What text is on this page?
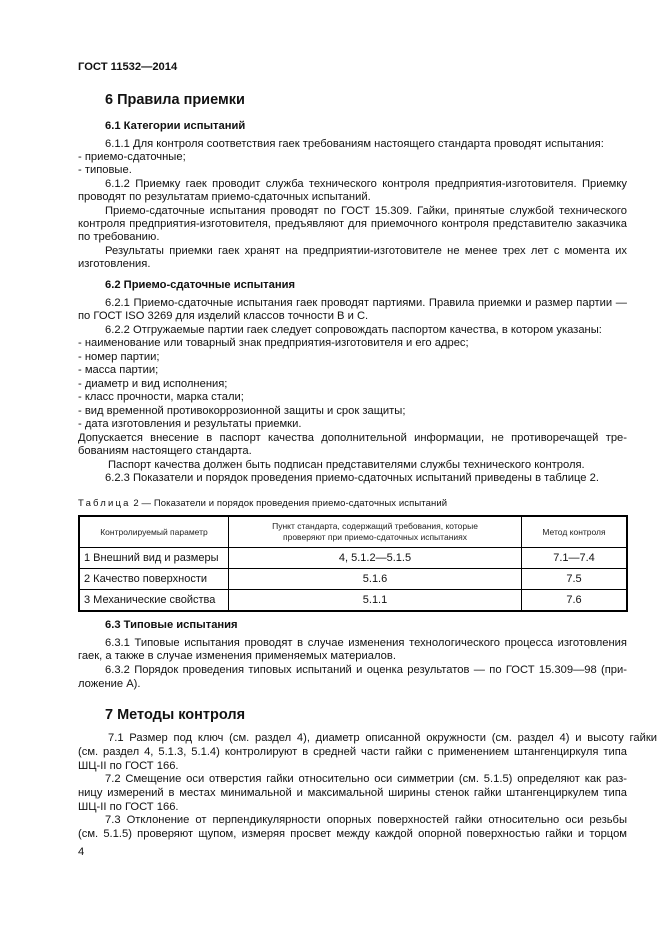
ГОСТ 11532—2014
6 Правила приемки
6.1 Категории испытаний
6.1.1 Для контроля соответствия гаек требованиям настоящего стандарта проводят испытания:
- приемо-сдаточные;
- типовые.
6.1.2 Приемку гаек проводит служба технического контроля предприятия-изготовителя. Приемку
проводят по результатам приемо-сдаточных испытаний.
Приемо-сдаточные испытания проводят по ГОСТ 15.309. Гайки, принятые службой технического
контроля предприятия-изготовителя, предъявляют для приемочного контроля представителю заказчика
по требованию.
Результаты приемки гаек хранят на предприятии-изготовителе не менее трех лет с момента их
изготовления.
6.2 Приемо-сдаточные испытания
6.2.1 Приемо-сдаточные испытания гаек проводят партиями. Правила приемки и размер партии —
по ГОСТ ISO 3269 для изделий классов точности В и С.
6.2.2 Отгружаемые партии гаек следует сопровождать паспортом качества, в котором указаны:
- наименование или товарный знак предприятия-изготовителя и его адрес;
- номер партии;
- масса партии;
- диаметр и вид исполнения;
- класс прочности, марка стали;
- вид временной противокоррозионной защиты и срок защиты;
- дата изготовления и результаты приемки.
Допускается внесение в паспорт качества дополнительной информации, не противоречащей тре-
бованиям настоящего стандарта.
Паспорт качества должен быть подписан представителями службы технического контроля.
6.2.3 Показатели и порядок проведения приемо-сдаточных испытаний приведены в таблице 2.
Таблица 2 — Показатели и порядок проведения приемо-сдаточных испытаний
Контролируемый параметр	Пункт стандарта, содержащий требования, которые проверяют при приемо-сдаточных испытаниях	Метод контроля
1 Внешний вид и размеры	4, 5.1.2—5.1.5	7.1—7.4
2 Качество поверхности	5.1.6	7.5
3 Механические свойства	5.1.1	7.6
6.3 Типовые испытания
6.3.1 Типовые испытания проводят в случае изменения технологического процесса изготовления
гаек, а также в случае изменения применяемых материалов.
6.3.2 Порядок проведения типовых испытаний и оценка результатов — по ГОСТ 15.309—98 (при-
ложение А).
7 Методы контроля
7.1 Размер под ключ (см. раздел 4), диаметр описанной окружности (см. раздел 4) и высоту гайки
(см. раздел 4, 5.1.3, 5.1.4) контролируют в средней части гайки с применением штангенциркуля типа
ШЦ-II по ГОСТ 166.
7.2 Смещение оси отверстия гайки относительно оси симметрии (см. 5.1.5) определяют как раз-
ницу измерений в местах минимальной и максимальной ширины стенок гайки штангенциркулем типа
ШЦ-II по ГОСТ 166.
7.3 Отклонение от перпендикулярности опорных поверхностей гайки относительно оси резьбы
(см. 5.1.5) проверяют щупом, измеряя просвет между каждой опорной поверхностью гайки и торцом
4
